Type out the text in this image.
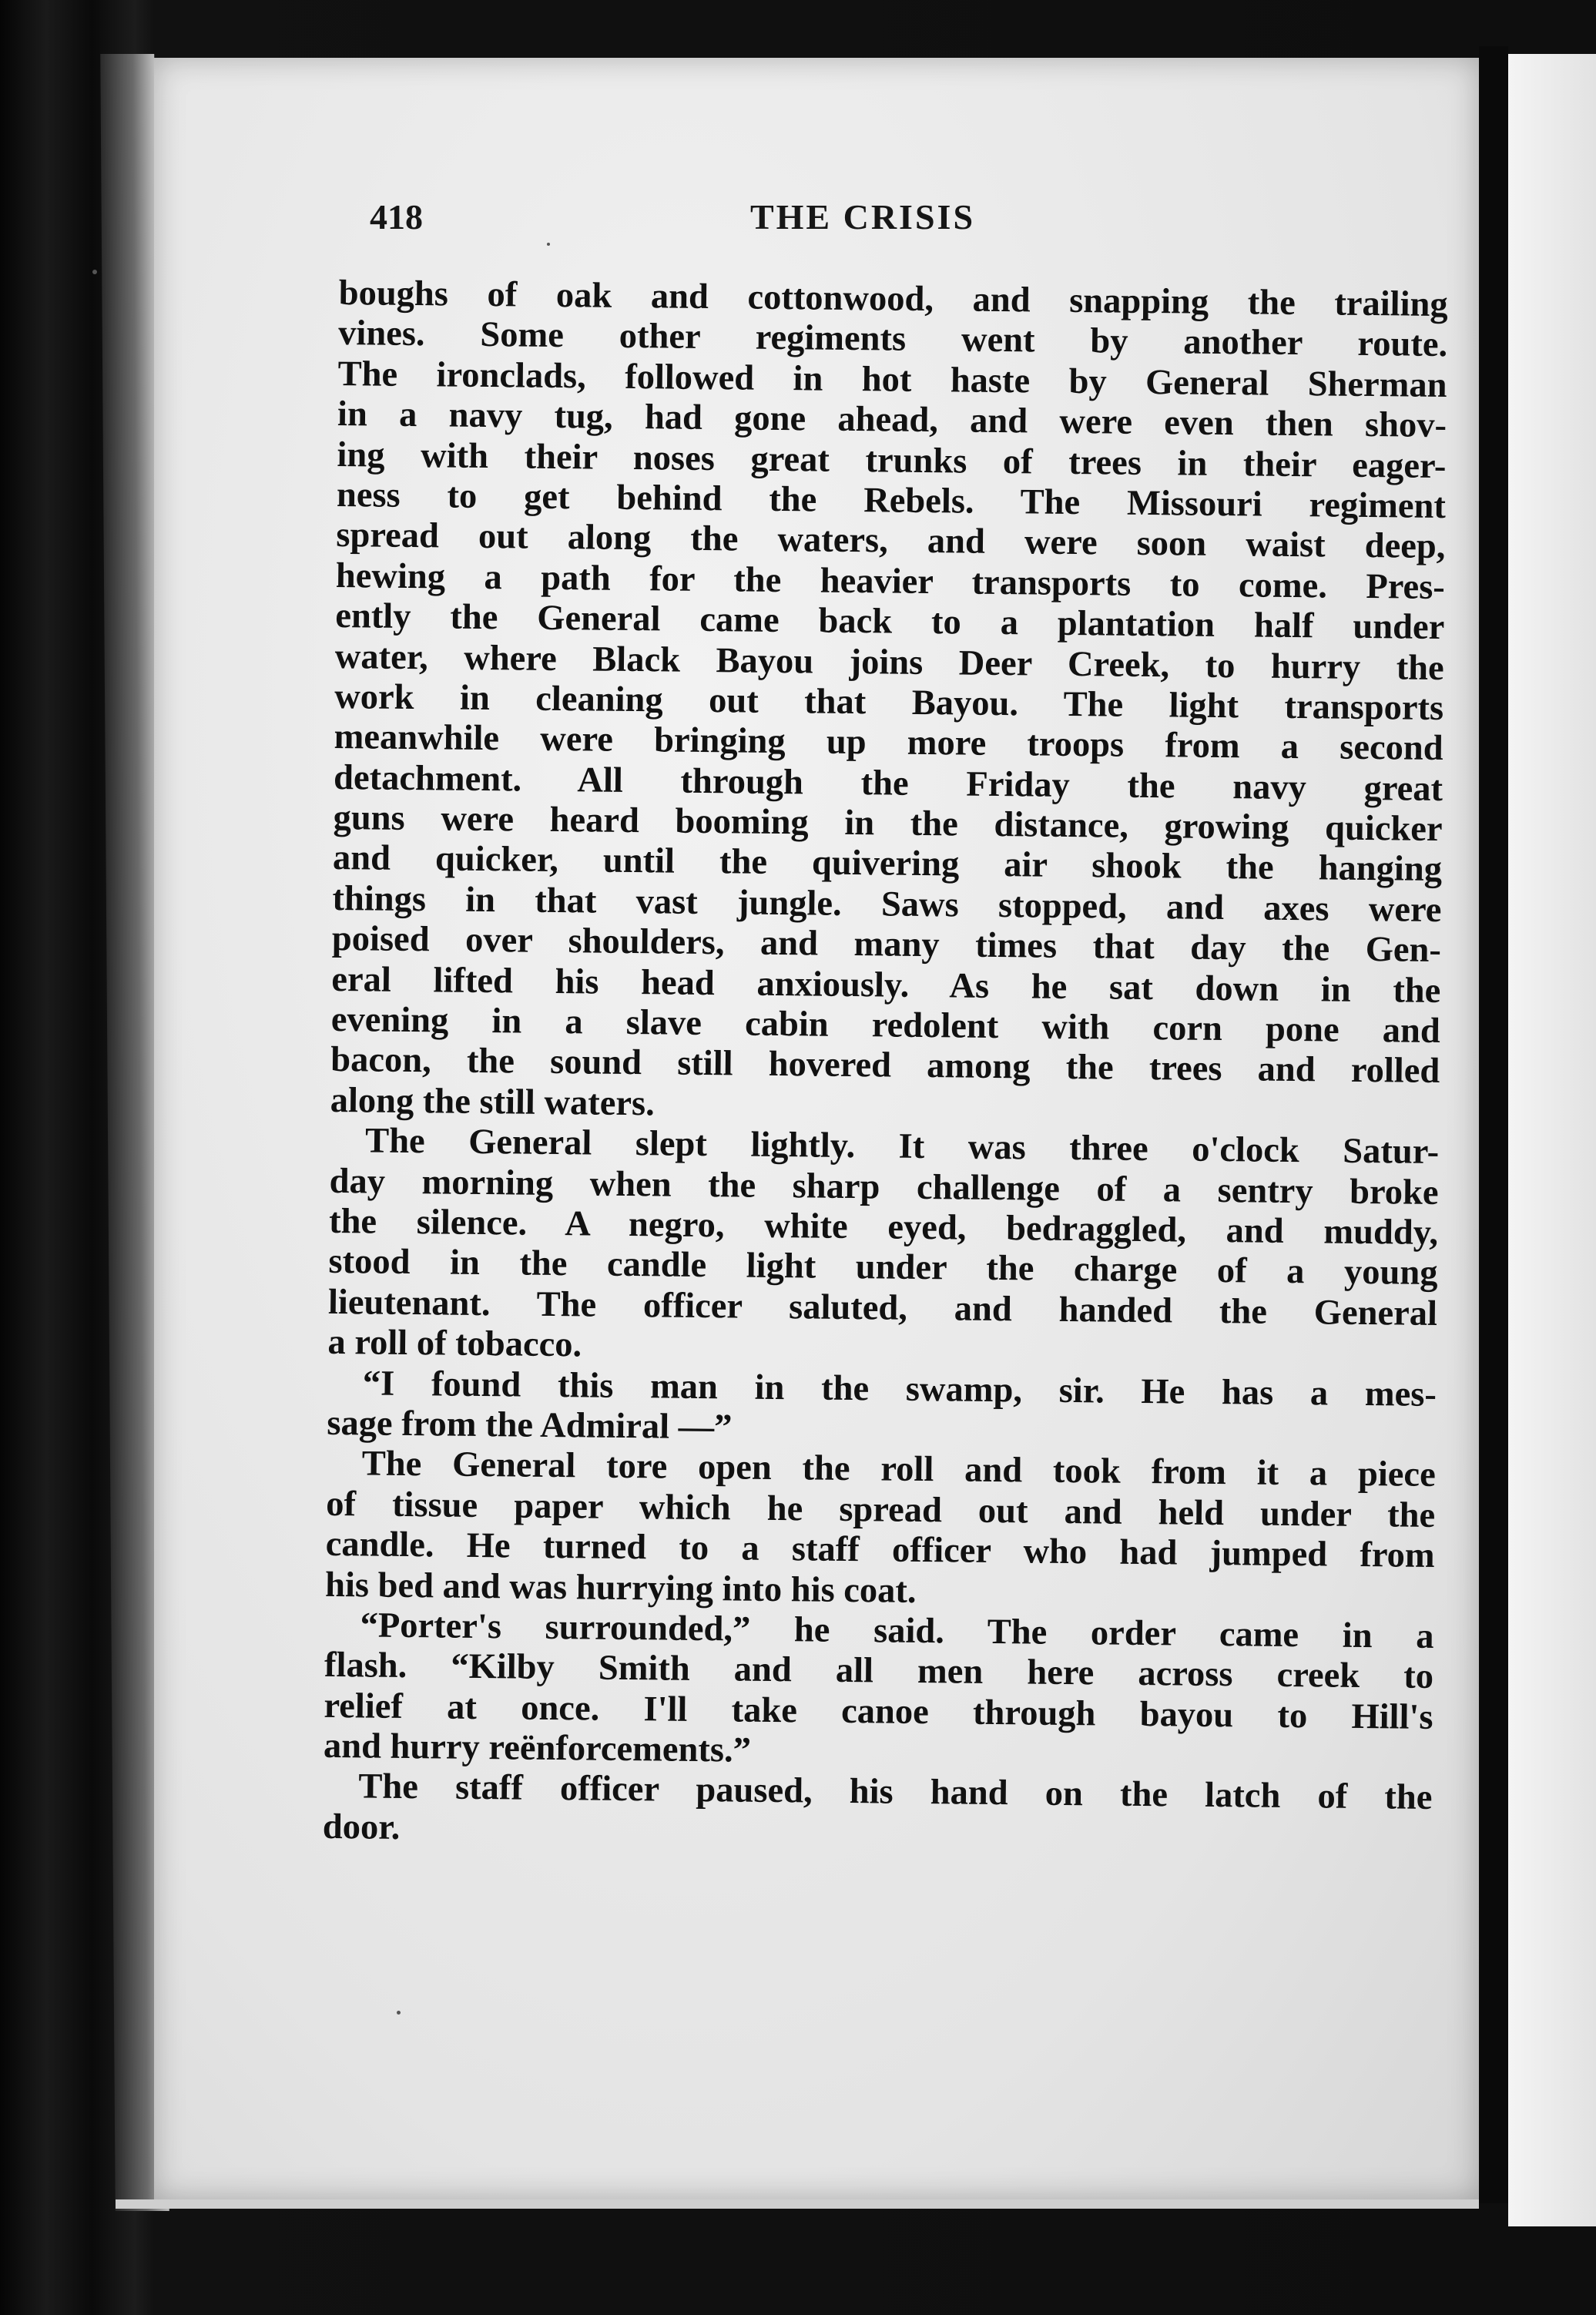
THE CRISIS
418
boughs of oak and cottonwood, and snapping the trailing
vines. Some other regiments went by another route.
The ironclads, followed in hot haste by General Sherman
in a navy tug, had gone ahead, and were even then shov-
ing with their noses great trunks of trees in their eager-
ness to get behind the Rebels. The Missouri regiment
spread out along the waters, and were soon waist deep,
hewing a path for the heavier transports to come. Pres-
ently the General came back to a plantation half under
water, where Black Bayou joins Deer Creek, to hurry the
work in cleaning out that Bayou. The light transports
meanwhile were bringing up more troops from a second
detachment. All through the Friday the navy great
guns were heard booming in the distance, growing quicker
and quicker, until the quivering air shook the hanging
things in that vast jungle. Saws stopped, and axes were
poised over shoulders, and many times that day the Gen-
eral lifted his head anxiously. As he sat down in the
evening in a slave cabin redolent with corn pone and
bacon, the sound still hovered among the trees and rolled
along the still waters.
The General slept lightly. It was three o'clock Satur-
day morning when the sharp challenge of a sentry broke
the silence. A negro, white eyed, bedraggled, and muddy,
stood in the candle light under the charge of a young
lieutenant. The officer saluted, and handed the General
a roll of tobacco.
“I found this man in the swamp, sir. He has a mes-
sage from the Admiral —”
The General tore open the roll and took from it a piece
of tissue paper which he spread out and held under the
candle. He turned to a staff officer who had jumped from
his bed and was hurrying into his coat.
“Porter's surrounded,” he said. The order came in a
flash. “Kilby Smith and all men here across creek to
relief at once. I'll take canoe through bayou to Hill's
and hurry reënforcements.”
The staff officer paused, his hand on the latch of the
door.
